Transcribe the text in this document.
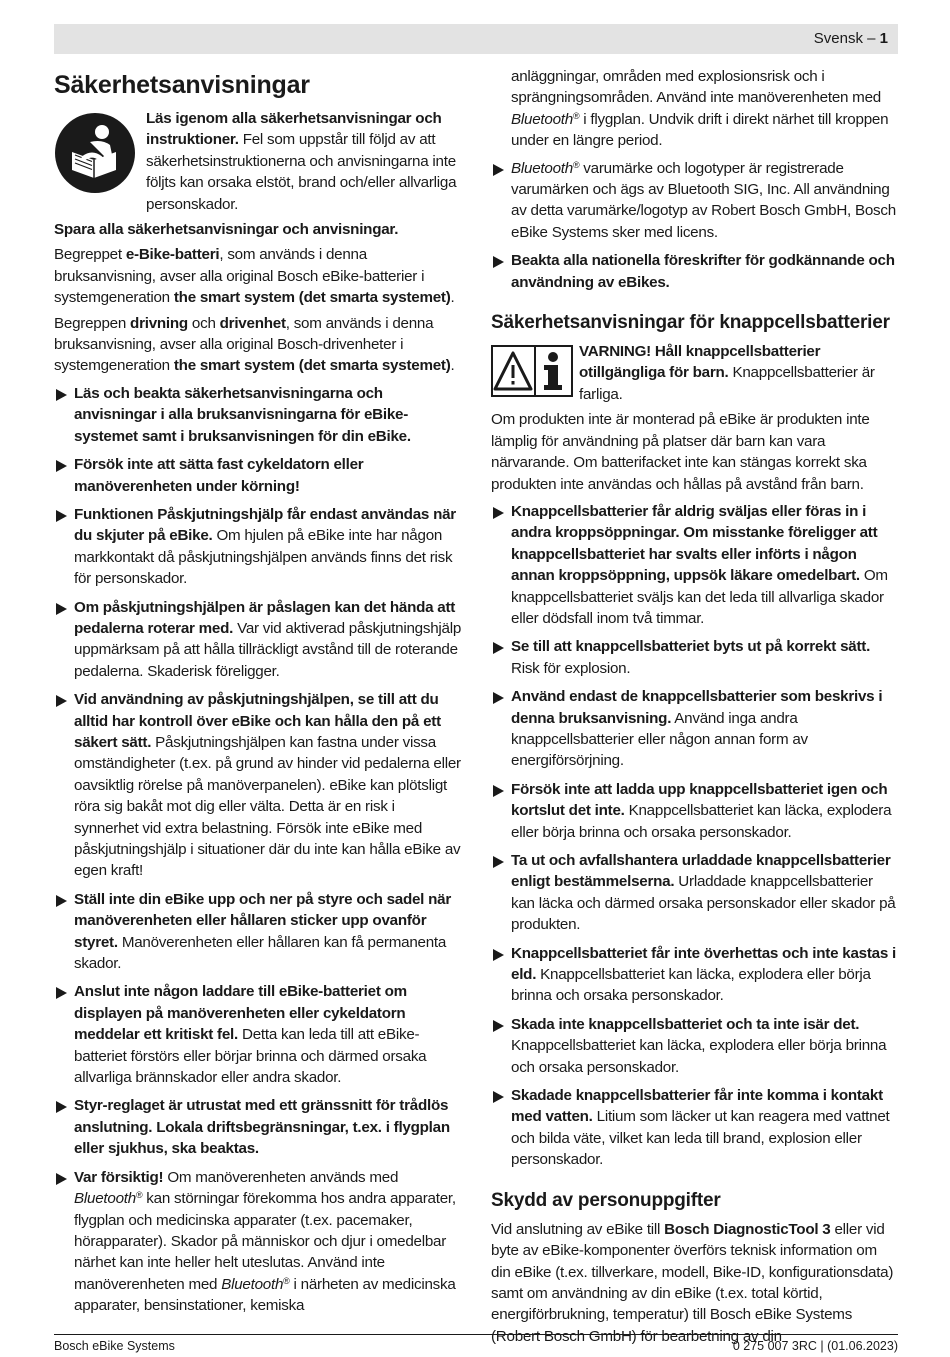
Svensk – 1
Säkerhetsanvisningar

Läs igenom alla säkerhetsanvisningar och instruktioner. Fel som uppstår till följd av att säkerhetsinstruktionerna och anvisningarna inte följts kan orsaka elstöt, brand och/eller allvarliga personskador.

Spara alla säkerhetsanvisningar och anvisningar.

Begreppet e-Bike-batteri, som används i denna bruksanvisning, avser alla original Bosch eBike-batterier i systemgeneration the smart system (det smarta systemet).

Begreppen drivning och drivenhet, som används i denna bruksanvisning, avser alla original Bosch-drivenheter i systemgeneration the smart system (det smarta systemet).

Läs och beakta säkerhetsanvisningarna och anvisningar i alla bruksanvisningarna för eBike-systemet samt i bruksanvisningen för din eBike.
Försök inte att sätta fast cykeldatorn eller manöverenheten under körning!
Funktionen Påskjutningshjälp får endast användas när du skjuter på eBike. Om hjulen på eBike inte har någon markkontakt då påskjutningshjälpen används finns det risk för personskador.
Om påskjutningshjälpen är påslagen kan det hända att pedalerna roterar med. Var vid aktiverad påskjutningshjälp uppmärksam på att hålla tillräckligt avstånd till de roterande pedalerna. Skaderisk föreligger.
Vid användning av påskjutningshjälpen, se till att du alltid har kontroll över eBike och kan hålla den på ett säkert sätt. Påskjutningshjälpen kan fastna under vissa omständigheter (t.ex. på grund av hinder vid pedalerna eller oavsiktlig rörelse på manöverpanelen). eBike kan plötsligt röra sig bakåt mot dig eller välta. Detta är en risk i synnerhet vid extra belastning. Försök inte eBike med påskjutningshjälp i situationer där du inte kan hålla eBike av egen kraft!
Ställ inte din eBike upp och ner på styre och sadel när manöverenheten eller hållaren sticker upp ovanför styret. Manöverenheten eller hållaren kan få permanenta skador.
Anslut inte någon laddare till eBike-batteriet om displayen på manöverenheten eller cykeldatorn meddelar ett kritiskt fel. Detta kan leda till att eBike-batteriet förstörs eller börjar brinna och därmed orsaka allvarliga brännskador eller andra skador.
Styr-reglaget är utrustat med ett gränssnitt för trådlös anslutning. Lokala driftsbegränsningar, t.ex. i flygplan eller sjukhus, ska beaktas.
Var försiktig! Om manöverenheten används med Bluetooth® kan störningar förekomma hos andra apparater, flygplan och medicinska apparater (t.ex. pacemaker, hörapparater). Skador på människor och djur i omedelbar närhet kan inte heller helt uteslutas. Använd inte manöverenheten med Bluetooth® i närheten av medicinska apparater, bensinstationer, kemiska

anläggningar, områden med explosionsrisk och i sprängningsområden. Använd inte manöverenheten med Bluetooth® i flygplan. Undvik drift i direkt närhet till kroppen under en längre period.

Bluetooth® varumärke och logotyper är registrerade varumärken och ägs av Bluetooth SIG, Inc. All användning av detta varumärke/logotyp av Robert Bosch GmbH, Bosch eBike Systems sker med licens.
Beakta alla nationella föreskrifter för godkännande och användning av eBikes.
Säkerhetsanvisningar för knappcellsbatterier

VARNING! Håll knappcellsbatterier otillgängliga för barn. Knappcellsbatterier är farliga.

Om produkten inte är monterad på eBike är produkten inte lämplig för användning på platser där barn kan vara närvarande. Om batterifacket inte kan stängas korrekt ska produkten inte användas och hållas på avstånd från barn.

Knappcellsbatterier får aldrig sväljas eller föras in i andra kroppsöppningar. Om misstanke föreligger att knappcellsbatteriet har svalts eller införts i någon annan kroppsöppning, uppsök läkare omedelbart. Om knappcellsbatteriet sväljs kan det leda till allvarliga skador eller dödsfall inom två timmar.
Se till att knappcellsbatteriet byts ut på korrekt sätt. Risk för explosion.
Använd endast de knappcellsbatterier som beskrivs i denna bruksanvisning. Använd inga andra knappcellsbatterier eller någon annan form av energiförsörjning.
Försök inte att ladda upp knappcellsbatteriet igen och kortslut det inte. Knappcellsbatteriet kan läcka, explodera eller börja brinna och orsaka personskador.
Ta ut och avfallshantera urladdade knappcellsbatterier enligt bestämmelserna. Urladdade knappcellsbatterier kan läcka och därmed orsaka personskador eller skador på produkten.
Knappcellsbatteriet får inte överhettas och inte kastas i eld. Knappcellsbatteriet kan läcka, explodera eller börja brinna och orsaka personskador.
Skada inte knappcellsbatteriet och ta inte isär det. Knappcellsbatteriet kan läcka, explodera eller börja brinna och orsaka personskador.
Skadade knappcellsbatterier får inte komma i kontakt med vatten. Litium som läcker ut kan reagera med vattnet och bilda väte, vilket kan leda till brand, explosion eller personskador.
Skydd av personuppgifter

Vid anslutning av eBike till Bosch DiagnosticTool 3 eller vid byte av eBike-komponenter överförs teknisk information om din eBike (t.ex. tillverkare, modell, Bike-ID, konfigurationsdata) samt om användning av din eBike (t.ex. total körtid, energiförbrukning, temperatur) till Bosch eBike Systems (Robert Bosch GmbH) för bearbetning av din

Bosch eBike Systems	0 275 007 3RC | (01.06.2023)
